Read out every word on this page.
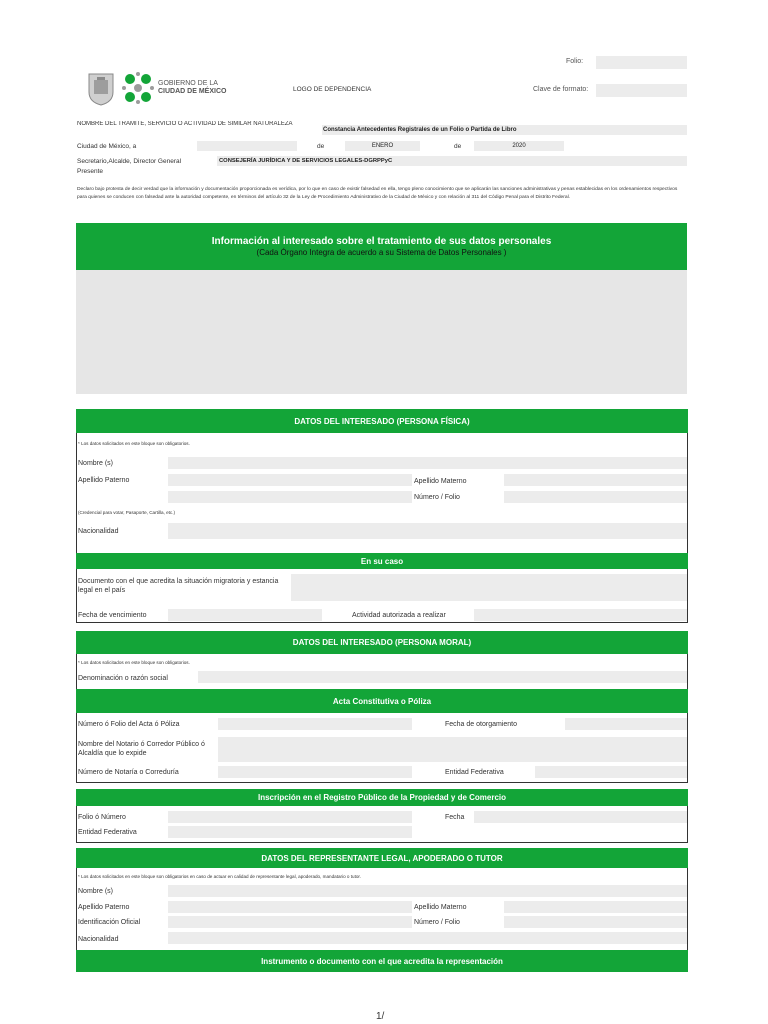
Folio:
GOBIERNO DE LA
CIUDAD DE MÉXICO	LOGO DE DEPENDENCIA	Clave de formato:
NOMBRE DEL TRÁMITE, SERVICIO O ACTIVIDAD DE SIMILAR NATURALEZA
Constancia Antecedentes Registrales de un Folio o Partida de Libro
Ciudad de México, a	de	ENERO	de	2020
Secretario,Alcalde, Director General	CONSEJERÍA JURÍDICA Y DE SERVICIOS LEGALES-DGRPPyC
Presente

Declaro bajo protesta de decir verdad que la información y documentación proporcionada es verídica, por lo que en caso de existir falsedad en ella, tengo pleno conocimiento que se aplicarán las sanciones administrativas y penas establecidas en los ordenamientos respectivos para quienes se conducen con falsedad ante la autoridad competente, en términos del artículo 32 de la Ley de Procedimiento Administrativo de la Ciudad de México y con relación al 311 del Código Penal para el Distrito Federal.

Información al interesado sobre el tratamiento de sus datos personales
(Cada Órgano Integra de acuerdo a su Sistema de Datos Personales )
DATOS DEL INTERESADO (PERSONA FÍSICA)
* Los datos solicitados en este bloque son obligatorios.
Nombre (s)
Apellido Paterno	Apellido Materno
Número / Folio
(Credencial para votar, Pasaporte, Cartilla, etc.)
Nacionalidad
En su caso
Documento con el que acredita la situación migratoria y estancia legal en el país
Fecha de vencimiento	Actividad autorizada a realizar
DATOS DEL INTERESADO (PERSONA MORAL)
* Los datos solicitados en este bloque son obligatorios.
Denominación o razón social
Acta Constitutiva o Póliza
Número ó Folio del Acta ó Póliza	Fecha de otorgamiento
Nombre del Notario ó Corredor Público ó Alcaldía que lo expide
Número de Notaría o Correduría	Entidad Federativa
Inscripción en el Registro Público de la Propiedad y de Comercio
Folio ó Número	Fecha
Entidad Federativa
DATOS DEL REPRESENTANTE LEGAL, APODERADO O TUTOR
* Los datos solicitados en este bloque son obligatorios en caso de actuar en calidad de representante legal, apoderado, mandatario o tutor.
Nombre (s)
Apellido Paterno	Apellido Materno
Identificación Oficial	Número / Folio
Nacionalidad
Instrumento o documento con el que acredita la representación
1/
